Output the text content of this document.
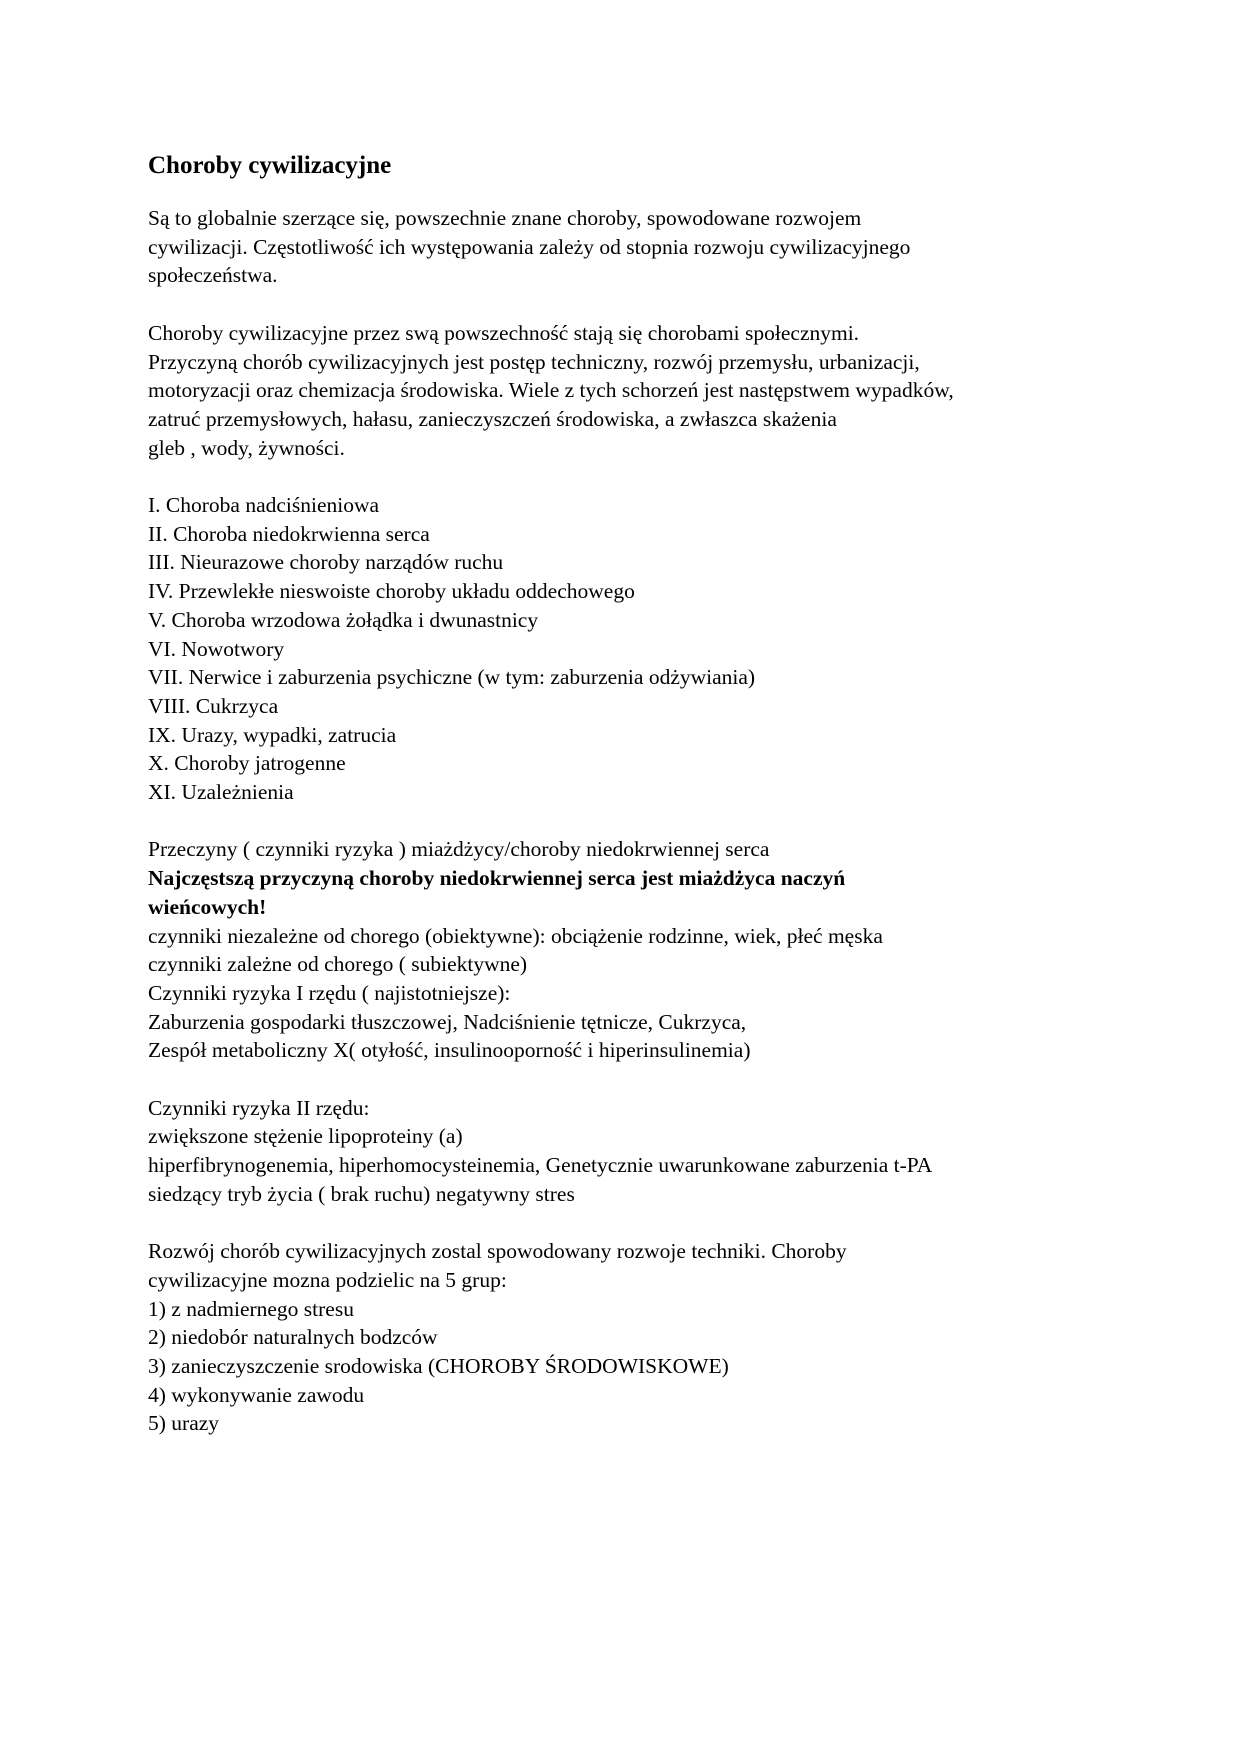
Choroby cywilizacyjne
Są to globalnie szerzące się, powszechnie znane choroby, spowodowane rozwojem
cywilizacji. Częstotliwość ich występowania zależy od stopnia rozwoju cywilizacyjnego
społeczeństwa.
Choroby cywilizacyjne przez swą powszechność stają się chorobami społecznymi.
Przyczyną chorób cywilizacyjnych jest postęp techniczny, rozwój przemysłu, urbanizacji,
motoryzacji oraz chemizacja środowiska. Wiele z tych schorzeń jest następstwem wypadków,
zatruć przemysłowych, hałasu, zanieczyszczeń środowiska, a zwłaszca skażenia
gleb , wody, żywności.
I. Choroba nadciśnieniowa
II. Choroba niedokrwienna serca
III. Nieurazowe choroby narządów ruchu
IV. Przewlekłe nieswoiste choroby układu oddechowego
V. Choroba wrzodowa żołądka i dwunastnicy
VI. Nowotwory
VII. Nerwice i zaburzenia psychiczne (w tym: zaburzenia odżywiania)
VIII. Cukrzyca
IX. Urazy, wypadki, zatrucia
X. Choroby jatrogenne
XI. Uzależnienia
Przeczyny ( czynniki ryzyka ) miażdżycy/choroby niedokrwiennej serca
Najczęstszą przyczyną choroby niedokrwiennej serca jest miażdżyca naczyń
wieńcowych!
czynniki niezależne od chorego (obiektywne): obciążenie rodzinne, wiek, płeć męska
czynniki zależne od chorego ( subiektywne)
Czynniki ryzyka I rzędu ( najistotniejsze):
Zaburzenia gospodarki tłuszczowej, Nadciśnienie tętnicze, Cukrzyca,
Zespół metaboliczny X( otyłość, insulinooporność i hiperinsulinemia)
Czynniki ryzyka II rzędu:
zwiększone stężenie lipoproteiny (a)
hiperfibrynogenemia, hiperhomocysteinemia, Genetycznie uwarunkowane zaburzenia t-PA
siedzący tryb życia ( brak ruchu) negatywny stres
Rozwój chorób cywilizacyjnych zostal spowodowany rozwoje techniki. Choroby
cywilizacyjne mozna podzielic na 5 grup:
1) z nadmiernego stresu
2) niedobór naturalnych bodzców
3) zanieczyszczenie srodowiska (CHOROBY ŚRODOWISKOWE)
4) wykonywanie zawodu
5) urazy
